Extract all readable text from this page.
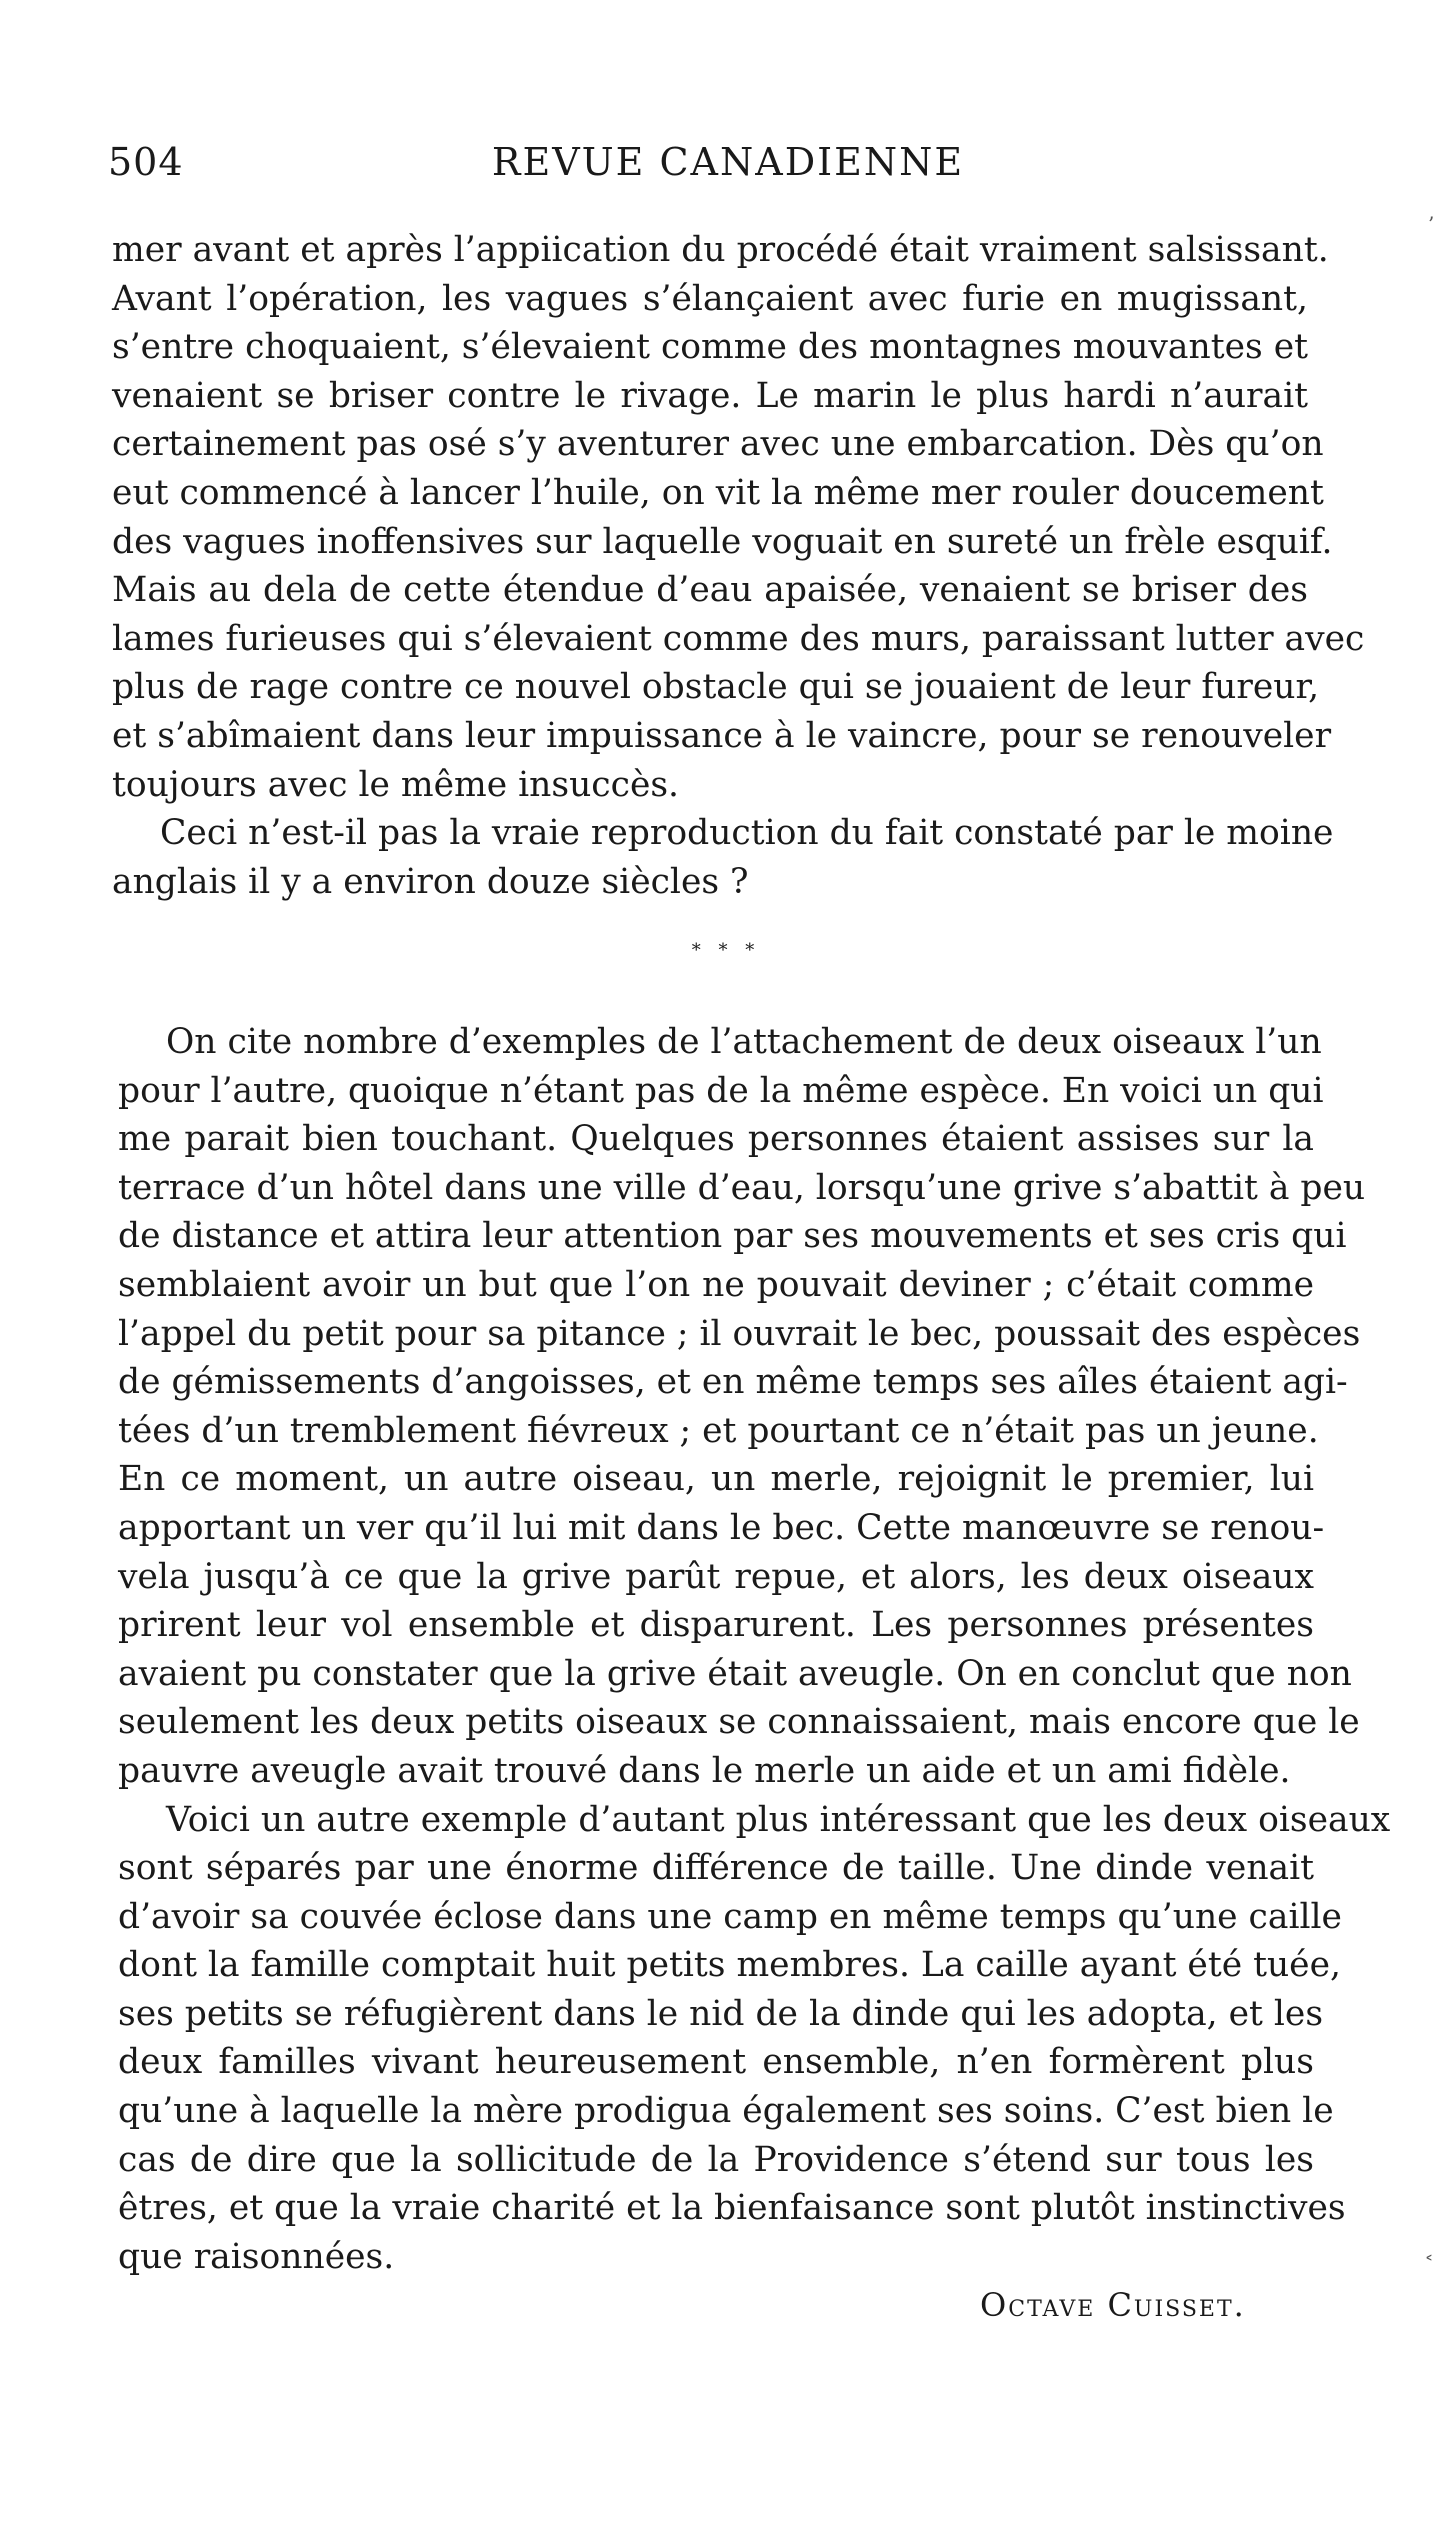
504	REVUE CANADIENNE

mer avant et après l’appiication du procédé était vraiment salsissant.
Avant l’opération, les vagues s’élançaient avec furie en mugissant,
s’entre choquaient, s’élevaient comme des montagnes mouvantes et
venaient se briser contre le rivage. Le marin le plus hardi n’aurait
certainement pas osé s’y aventurer avec une embarcation. Dès qu’on
eut commencé à lancer l’huile, on vit la même mer rouler doucement
des vagues inoffensives sur laquelle voguait en sureté un frèle esquif.
Mais au dela de cette étendue d’eau apaisée, venaient se briser des
lames furieuses qui s’élevaient comme des murs, paraissant lutter avec
plus de rage contre ce nouvel obstacle qui se jouaient de leur fureur,
et s’abîmaient dans leur impuissance à le vaincre, pour se renouveler
toujours avec le même insuccès.

Ceci n’est-il pas la vraie reproduction du fait constaté par le moine
anglais il y a environ douze siècles ?

* * *

On cite nombre d’exemples de l’attachement de deux oiseaux l’un
pour l’autre, quoique n’étant pas de la même espèce. En voici un qui
me parait bien touchant. Quelques personnes étaient assises sur la
terrace d’un hôtel dans une ville d’eau, lorsqu’une grive s’abattit à peu
de distance et attira leur attention par ses mouvements et ses cris qui
semblaient avoir un but que l’on ne pouvait deviner ; c’était comme
l’appel du petit pour sa pitance ; il ouvrait le bec, poussait des espèces
de gémissements d’angoisses, et en même temps ses aîles étaient agi-
tées d’un tremblement fiévreux ; et pourtant ce n’était pas un jeune.
En ce moment, un autre oiseau, un merle, rejoignit le premier, lui
apportant un ver qu’il lui mit dans le bec. Cette manœuvre se renou-
vela jusqu’à ce que la grive parût repue, et alors, les deux oiseaux
prirent leur vol ensemble et disparurent. Les personnes présentes
avaient pu constater que la grive était aveugle. On en conclut que non
seulement les deux petits oiseaux se connaissaient, mais encore que le
pauvre aveugle avait trouvé dans le merle un aide et un ami fidèle.

Voici un autre exemple d’autant plus intéressant que les deux oiseaux
sont séparés par une énorme différence de taille. Une dinde venait
d’avoir sa couvée éclose dans une camp en même temps qu’une caille
dont la famille comptait huit petits membres. La caille ayant été tuée,
ses petits se réfugièrent dans le nid de la dinde qui les adopta, et les
deux familles vivant heureusement ensemble, n’en formèrent plus
qu’une à laquelle la mère prodigua également ses soins. C’est bien le
cas de dire que la sollicitude de la Providence s’étend sur tous les
êtres, et que la vraie charité et la bienfaisance sont plutôt instinctives
que raisonnées.

Octave Cuisset.
’
˂
